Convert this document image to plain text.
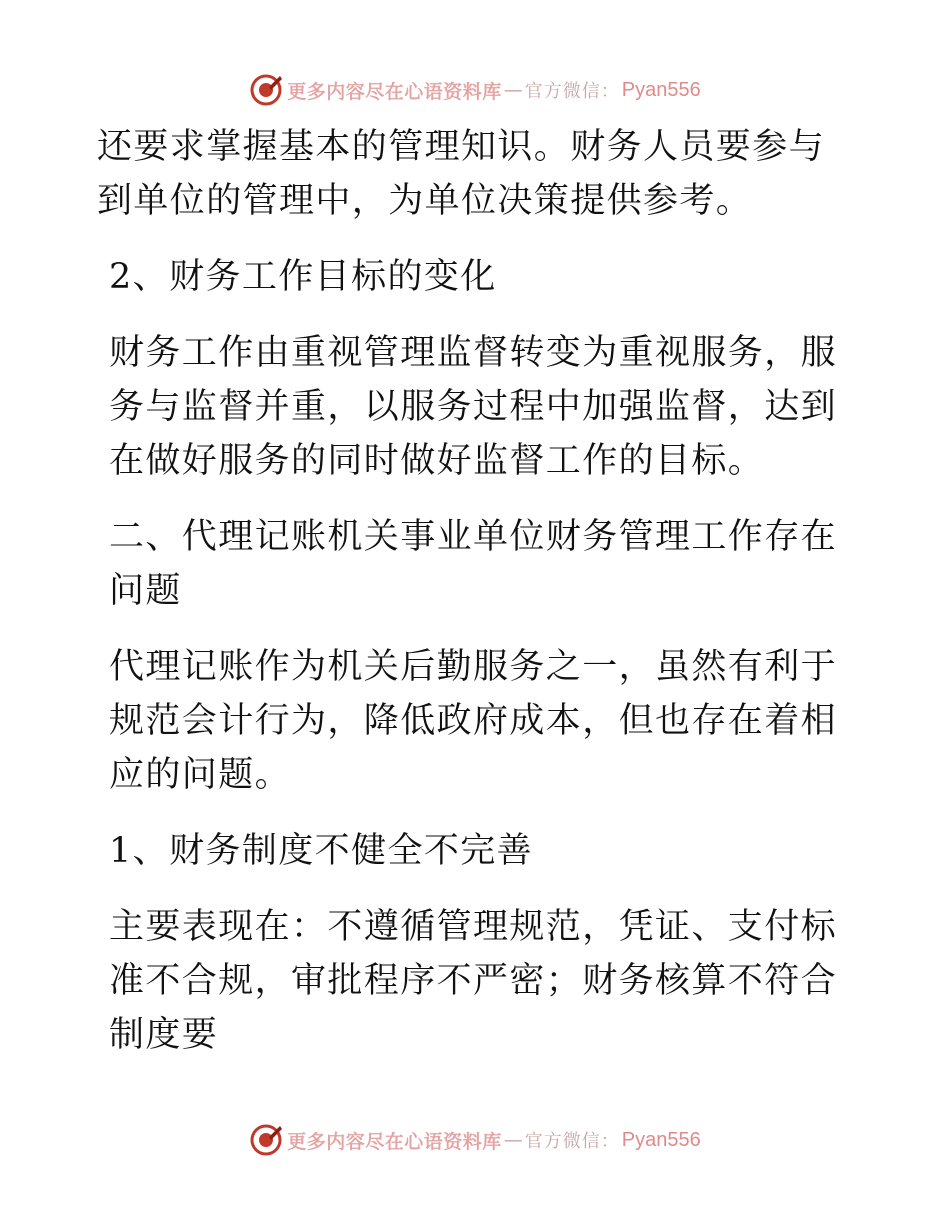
更多内容尽在心语资料库 — 官方微信： Pyan556

还要求掌握基本的管理知识。财务人员要参与到单位的管理中，为单位决策提供参考。

2、财务工作目标的变化

财务工作由重视管理监督转变为重视服务，服务与监督并重，以服务过程中加强监督，达到在做好服务的同时做好监督工作的目标。

二、代理记账机关事业单位财务管理工作存在问题

代理记账作为机关后勤服务之一，虽然有利于规范会计行为，降低政府成本，但也存在着相应的问题。

1、财务制度不健全不完善

主要表现在：不遵循管理规范，凭证、支付标准不合规，审批程序不严密；财务核算不符合制度要

更多内容尽在心语资料库 — 官方微信： Pyan556
